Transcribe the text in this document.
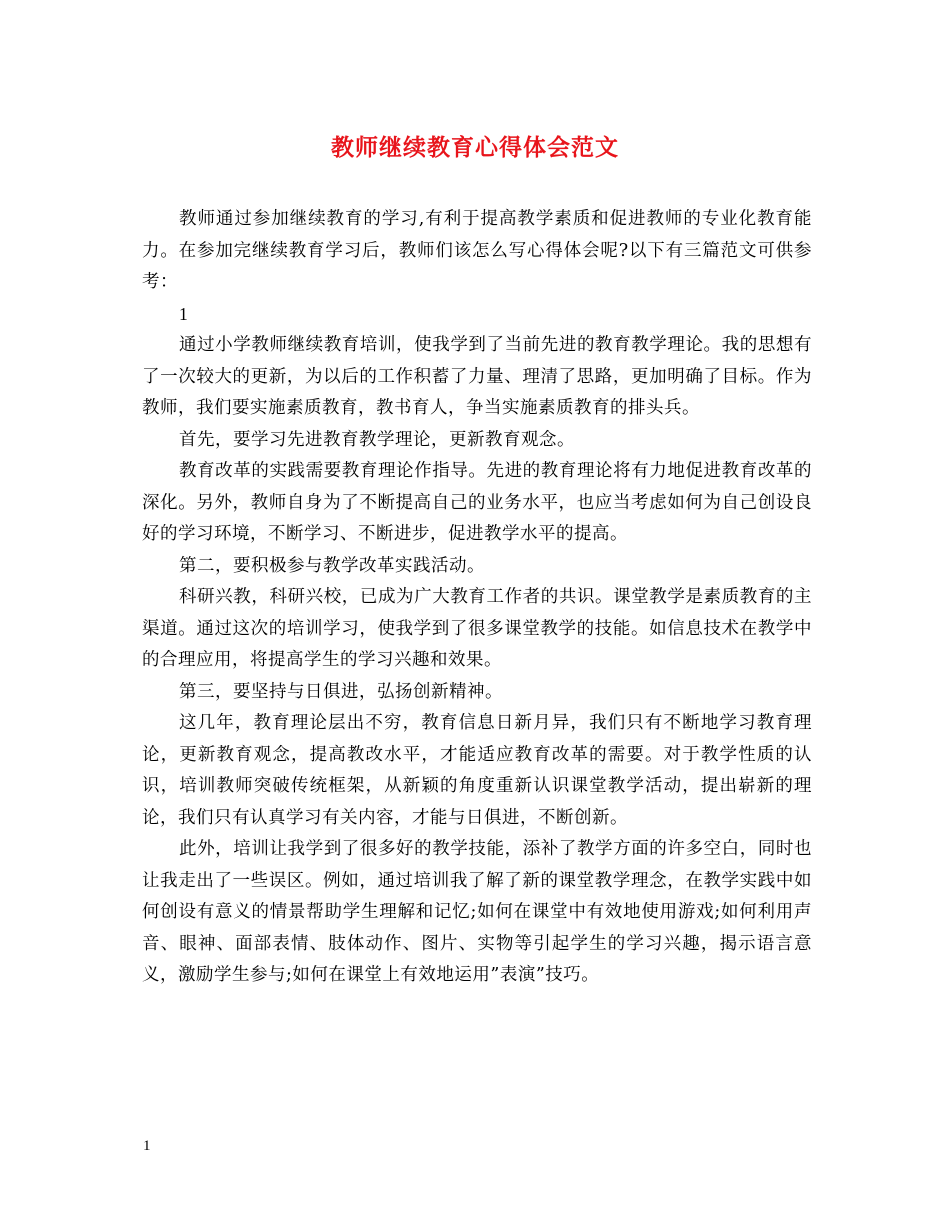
教师继续教育心得体会范文

教师通过参加继续教育的学习,有利于提高教学素质和促进教师的专业化教育能力。在参加完继续教育学习后，教师们该怎么写心得体会呢?以下有三篇范文可供参考：

1

通过小学教师继续教育培训，使我学到了当前先进的教育教学理论。我的思想有了一次较大的更新，为以后的工作积蓄了力量、理清了思路，更加明确了目标。作为教师，我们要实施素质教育，教书育人，争当实施素质教育的排头兵。

首先，要学习先进教育教学理论，更新教育观念。

教育改革的实践需要教育理论作指导。先进的教育理论将有力地促进教育改革的深化。另外，教师自身为了不断提高自己的业务水平，也应当考虑如何为自己创设良好的学习环境，不断学习、不断进步，促进教学水平的提高。

第二，要积极参与教学改革实践活动。

科研兴教，科研兴校，已成为广大教育工作者的共识。课堂教学是素质教育的主渠道。通过这次的培训学习，使我学到了很多课堂教学的技能。如信息技术在教学中的合理应用，将提高学生的学习兴趣和效果。

第三，要坚持与日俱进，弘扬创新精神。

这几年，教育理论层出不穷，教育信息日新月异，我们只有不断地学习教育理论，更新教育观念，提高教改水平，才能适应教育改革的需要。对于教学性质的认识，培训教师突破传统框架，从新颖的角度重新认识课堂教学活动，提出崭新的理论，我们只有认真学习有关内容，才能与日俱进，不断创新。

此外，培训让我学到了很多好的教学技能，添补了教学方面的许多空白，同时也让我走出了一些误区。例如，通过培训我了解了新的课堂教学理念，在教学实践中如何创设有意义的情景帮助学生理解和记忆;如何在课堂中有效地使用游戏;如何利用声音、眼神、面部表情、肢体动作、图片、实物等引起学生的学习兴趣，揭示语言意义，激励学生参与;如何在课堂上有效地运用”表演”技巧。

1
